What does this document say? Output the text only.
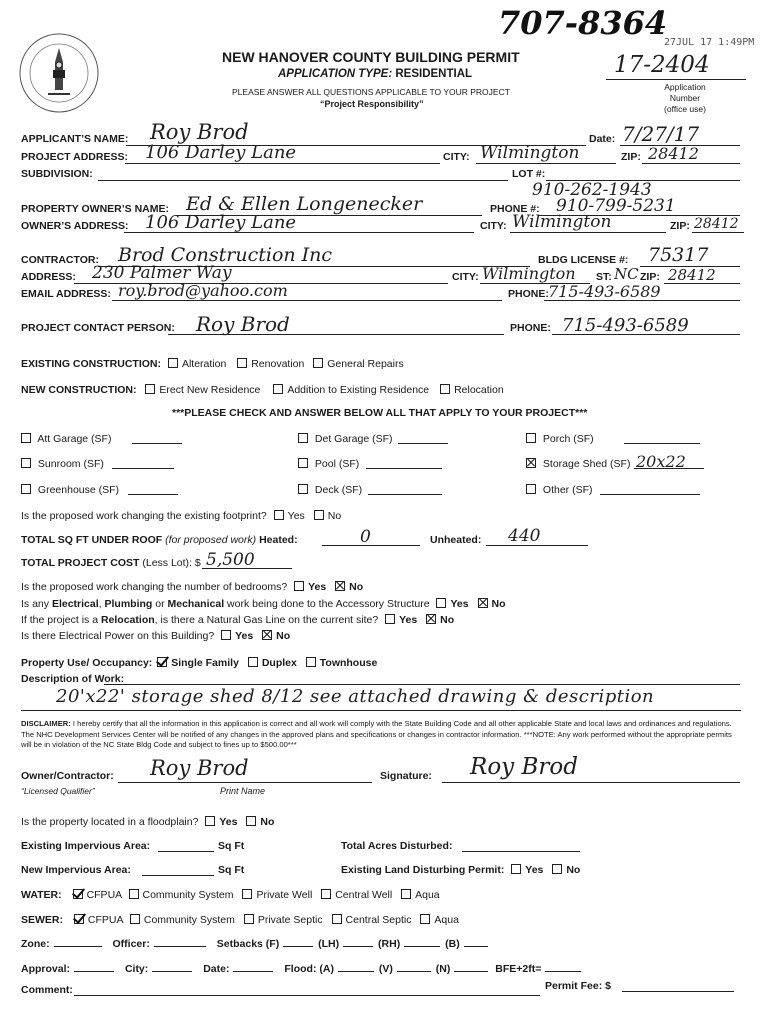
707-8364
27JUL 17 1:49PM
17-2404
Application
Number
(office use)
NEW HANOVER COUNTY BUILDING PERMIT
APPLICATION TYPE: RESIDENTIAL
PLEASE ANSWER ALL QUESTIONS APPLICABLE TO YOUR PROJECT
“Project Responsibility”
APPLICANT’S NAME: Roy Brod	Date: 7/27/17
PROJECT ADDRESS: 106 Darley Lane	CITY: Wilmington	ZIP: 28412
SUBDIVISION:	LOT #:
910-262-1943
PROPERTY OWNER’S NAME: Ed & Ellen Longenecker	PHONE #: 910-799-5231
OWNER’S ADDRESS: 106 Darley Lane	CITY: Wilmington	ZIP: 28412
CONTRACTOR: Brod Construction Inc	BLDG LICENSE #: 75317
ADDRESS: 230 Palmer Way	CITY: Wilmington ST: NC ZIP: 28412
EMAIL ADDRESS: roy.brod@yahoo.com	PHONE: 715-493-6589
PROJECT CONTACT PERSON: Roy Brod	PHONE: 715-493-6589
EXISTING CONSTRUCTION: Alteration Renovation General Repairs
NEW CONSTRUCTION: Erect New Residence	Addition to Existing Residence Relocation
***PLEASE CHECK AND ANSWER BELOW ALL THAT APPLY TO YOUR PROJECT***
Att Garage (SF)	Det Garage (SF)	Porch (SF)
Sunroom (SF)	Pool (SF)	Storage Shed (SF) 20x22
Greenhouse (SF)	Deck (SF)	Other (SF)
Is the proposed work changing the existing footprint? Yes No
TOTAL SQ FT UNDER ROOF (for proposed work) Heated:	0	Unheated: 440
TOTAL PROJECT COST (Less Lot): $ 5,500
Is the proposed work changing the number of bedrooms? Yes No
Is any Electrical, Plumbing or Mechanical work being done to the Accessory Structure Yes No
If the project is a Relocation, is there a Natural Gas Line on the current site? Yes No
Is there Electrical Power on this Building? Yes No
Property Use/ Occupancy: Single Family Duplex Townhouse
Description of Work:
20'x22' storage shed 8/12 see attached drawing & description
DISCLAIMER: I hereby certify that all the information in this application is correct and all work will comply with the State Building Code and all other applicable State and local laws and ordinances and regulations. The NHC Development Services Center will be notified of any changes in the approved plans and specifications or changes in contractor information. ***NOTE: Any work performed without the appropriate permits will be in violation of the NC State Bldg Code and subject to fines up to $500.00***
Owner/Contractor: Roy Brod
“Licensed Qualifier”	Print Name
Signature: Roy Brod
Is the property located in a floodplain? Yes No
Existing Impervious Area:	Sq Ft	Total Acres Disturbed:
New Impervious Area:	Sq Ft	Existing Land Disturbing Permit: Yes No
WATER: CFPUA Community System Private Well Central Well Aqua
SEWER: CFPUA Community System Private Septic Central Septic Aqua
Zone:	Officer:	Setbacks (F)	(LH)	(RH)	(B)
Approval:	City:	Date:	Flood: (A)	(V)	(N)	BFE+2ft=
Comment:	Permit Fee: $
